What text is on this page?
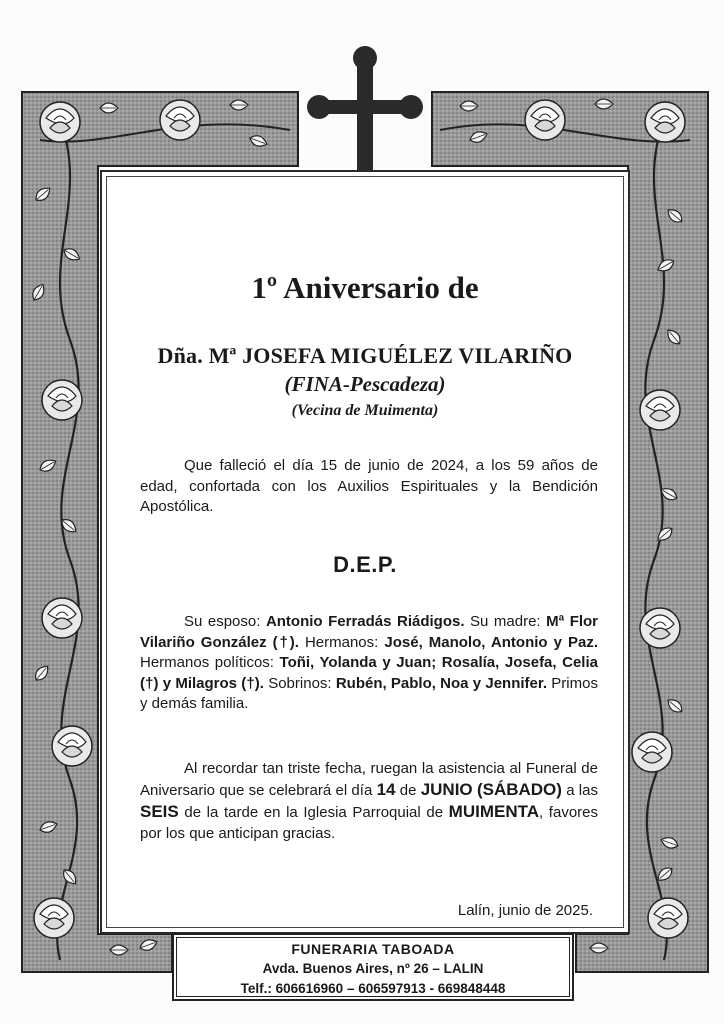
1º Aniversario de
Dña. Mª JOSEFA MIGUÉLEZ VILARIÑO
(FINA-Pescadeza)
(Vecina de Muimenta)
Que falleció el día 15 de junio de 2024, a los 59 años de edad, confortada con los Auxilios Espirituales y la Bendición Apostólica.
D.E.P.
Su esposo: Antonio Ferradás Riádigos. Su madre: Mª Flor Vilariño González (†). Hermanos: José, Manolo, Antonio y Paz. Hermanos políticos: Toñi, Yolanda y Juan; Rosalía, Josefa, Celia (†) y Milagros (†). Sobrinos: Rubén, Pablo, Noa y Jennifer. Primos y demás familia.
Al recordar tan triste fecha, ruegan la asistencia al Funeral de Aniversario que se celebrará el día 14 de JUNIO (SÁBADO) a las SEIS de la tarde en la Iglesia Parroquial de MUIMENTA, favores por los que anticipan gracias.
Lalín, junio de 2025.
FUNERARIA TABOADA
Avda. Buenos Aires, nº 26 – LALIN
Telf.: 606616960 – 606597913 - 669848448
